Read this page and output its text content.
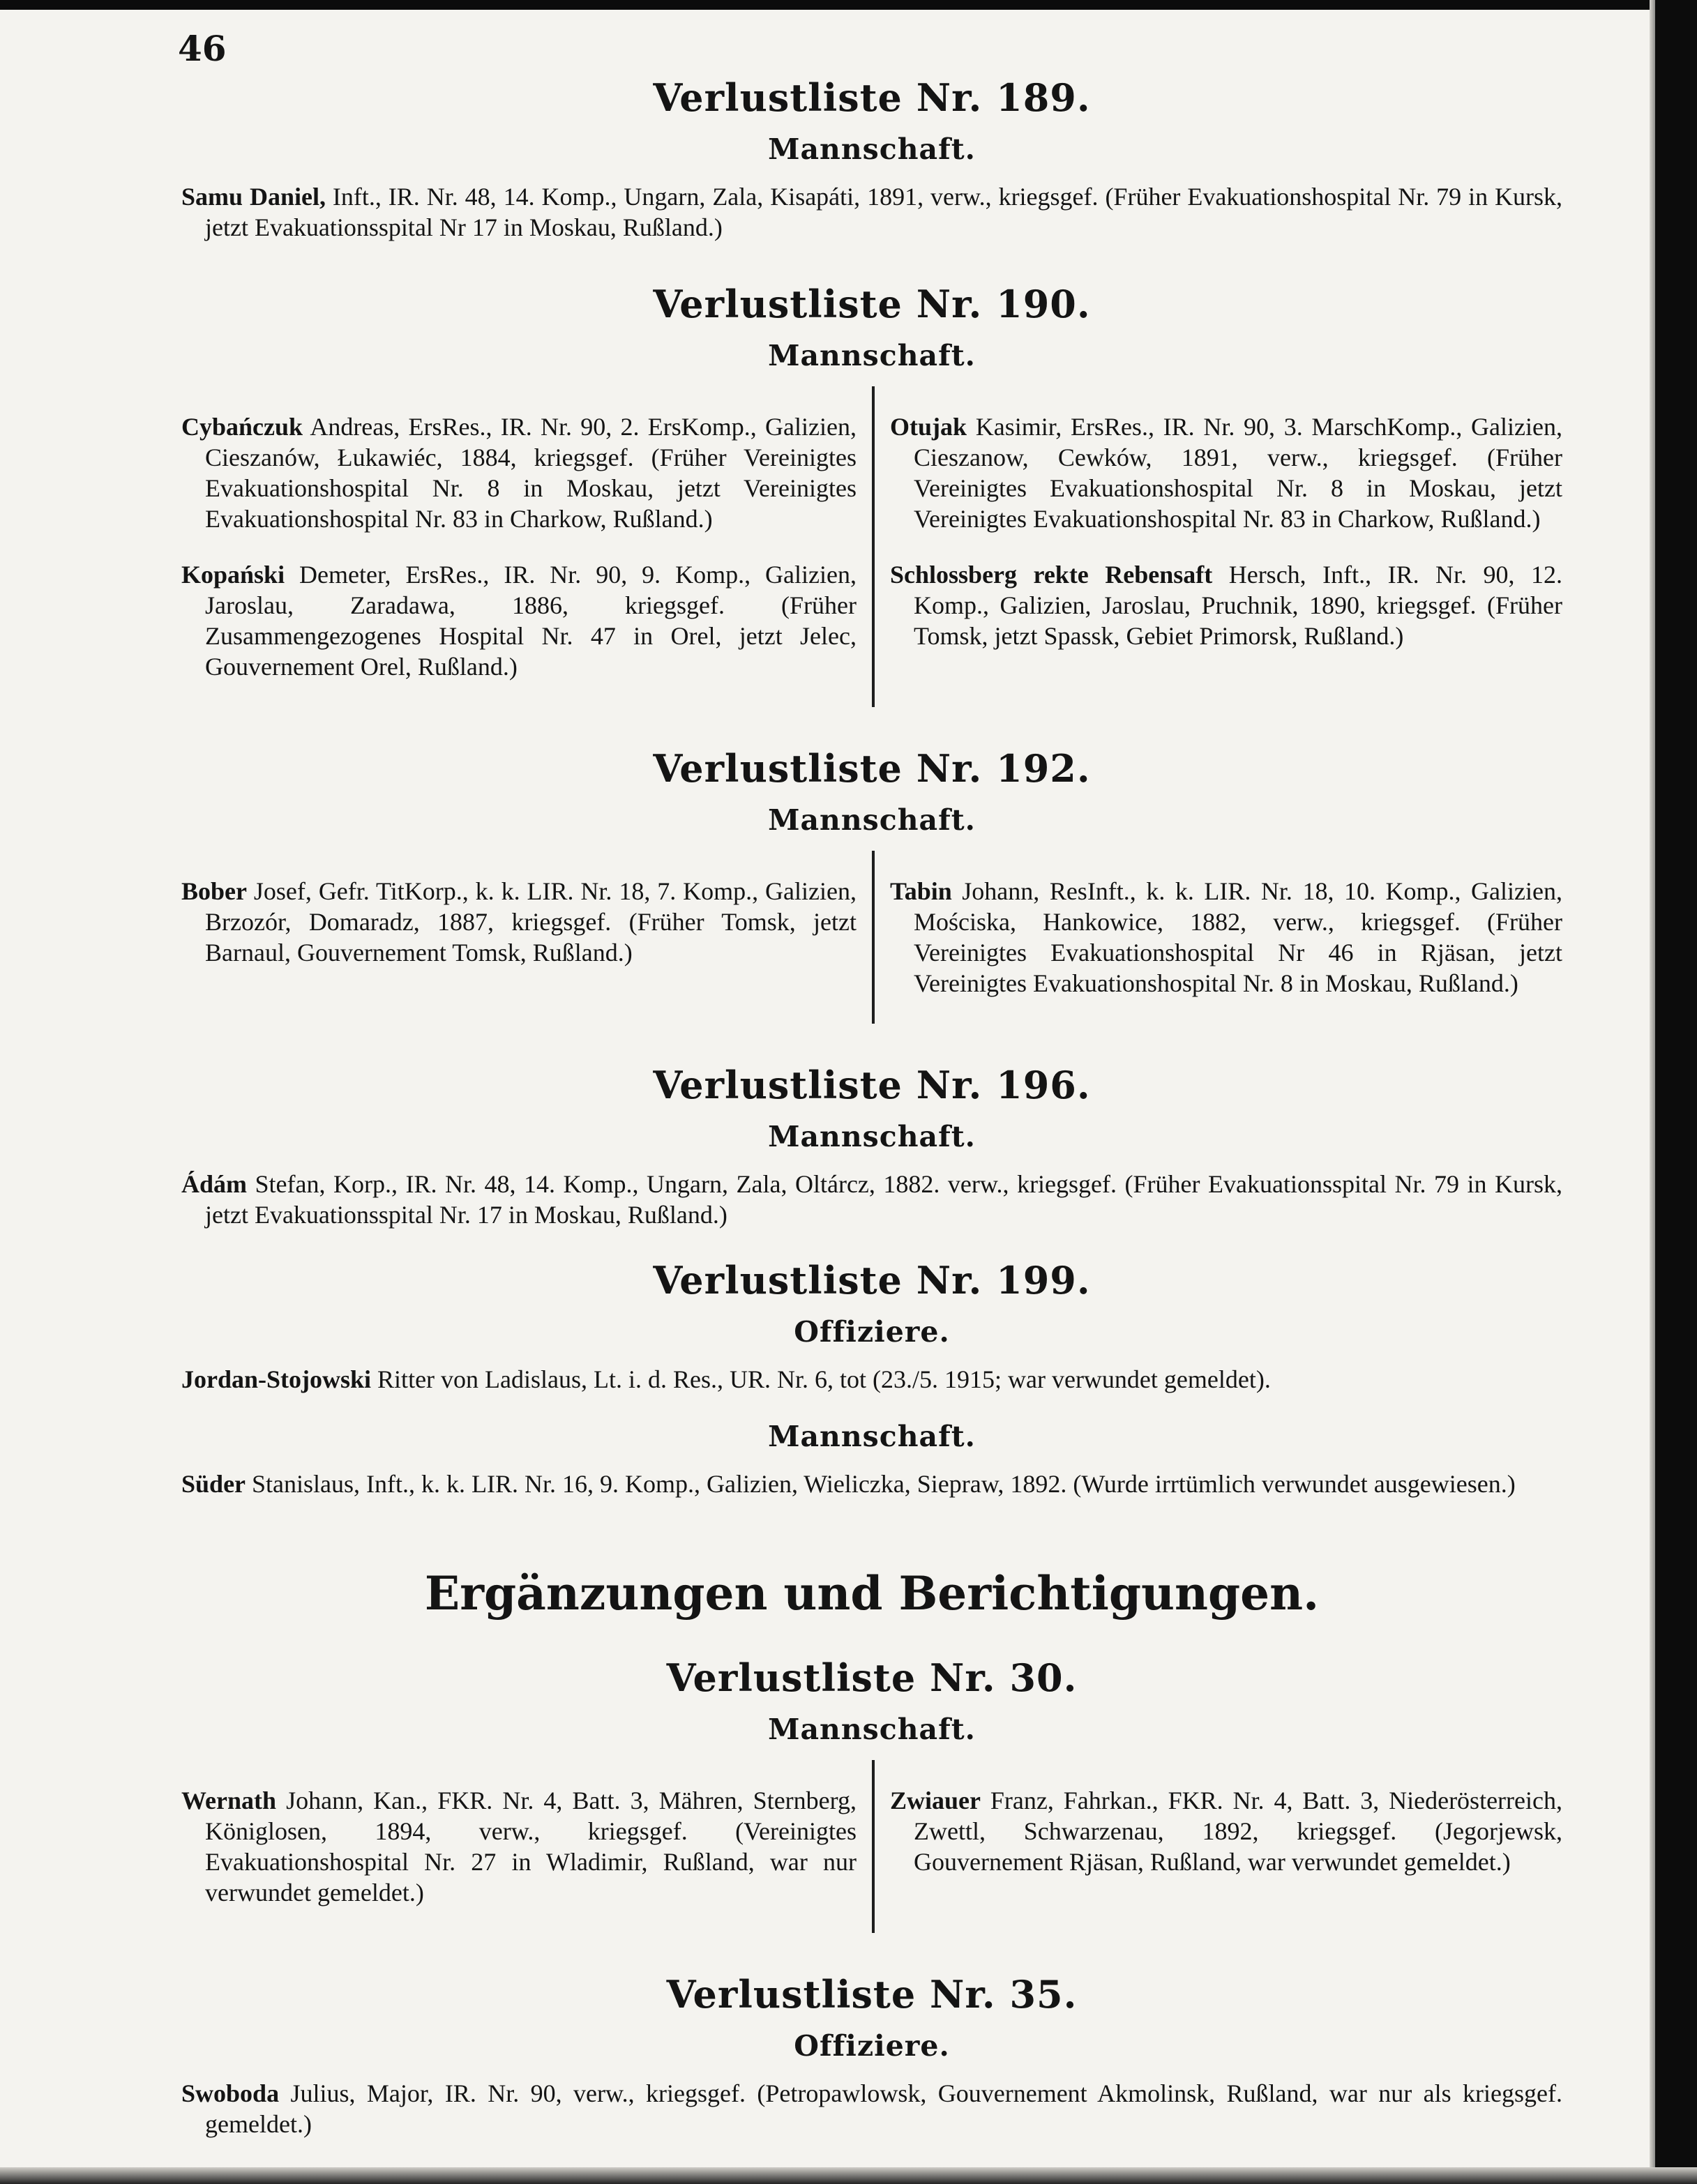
46
Verlustliste Nr. 189.
Mannschaft.

Samu Daniel, Inft., IR. Nr. 48, 14. Komp., Ungarn, Zala, Kisapáti, 1891, verw., kriegsgef. (Früher Evakuationshospital Nr. 79 in Kursk, jetzt Evakuationsspital Nr 17 in Moskau, Rußland.)

Verlustliste Nr. 190.
Mannschaft.

Cybańczuk Andreas, ErsRes., IR. Nr. 90, 2. ErsKomp., Galizien, Cieszanów, Łukawiéc, 1884, kriegsgef. (Früher Vereinigtes Evakuationshospital Nr. 8 in Moskau, jetzt Vereinigtes Evakuationshospital Nr. 83 in Charkow, Rußland.)

Kopański Demeter, ErsRes., IR. Nr. 90, 9. Komp., Galizien, Jaroslau, Zaradawa, 1886, kriegsgef. (Früher Zusammengezogenes Hospital Nr. 47 in Orel, jetzt Jelec, Gouvernement Orel, Rußland.)

Otujak Kasimir, ErsRes., IR. Nr. 90, 3. MarschKomp., Galizien, Cieszanow, Cewków, 1891, verw., kriegsgef. (Früher Vereinigtes Evakuationshospital Nr. 8 in Moskau, jetzt Vereinigtes Evakuationshospital Nr. 83 in Charkow, Rußland.)

Schlossberg rekte Rebensaft Hersch, Inft., IR. Nr. 90, 12. Komp., Galizien, Jaroslau, Pruchnik, 1890, kriegsgef. (Früher Tomsk, jetzt Spassk, Gebiet Primorsk, Rußland.)

Verlustliste Nr. 192.
Mannschaft.

Bober Josef, Gefr. TitKorp., k. k. LIR. Nr. 18, 7. Komp., Galizien, Brzozór, Domaradz, 1887, kriegsgef. (Früher Tomsk, jetzt Barnaul, Gouvernement Tomsk, Rußland.)

Tabin Johann, ResInft., k. k. LIR. Nr. 18, 10. Komp., Galizien, Mościska, Hankowice, 1882, verw., kriegsgef. (Früher Vereinigtes Evakuationshospital Nr 46 in Rjäsan, jetzt Vereinigtes Evakuationshospital Nr. 8 in Moskau, Rußland.)

Verlustliste Nr. 196.
Mannschaft.

Ádám Stefan, Korp., IR. Nr. 48, 14. Komp., Ungarn, Zala, Oltárcz, 1882. verw., kriegsgef. (Früher Evakuationsspital Nr. 79 in Kursk, jetzt Evakuationsspital Nr. 17 in Moskau, Rußland.)

Verlustliste Nr. 199.
Offiziere.

Jordan-Stojowski Ritter von Ladislaus, Lt. i. d. Res., UR. Nr. 6, tot (23./5. 1915; war verwundet gemeldet).

Mannschaft.

Süder Stanislaus, Inft., k. k. LIR. Nr. 16, 9. Komp., Galizien, Wieliczka, Siepraw, 1892. (Wurde irrtümlich verwundet ausgewiesen.)

Ergänzungen und Berichtigungen.
Verlustliste Nr. 30.
Mannschaft.

Wernath Johann, Kan., FKR. Nr. 4, Batt. 3, Mähren, Sternberg, Königlosen, 1894, verw., kriegsgef. (Vereinigtes Evakuationshospital Nr. 27 in Wladimir, Rußland, war nur verwundet gemeldet.)

Zwiauer Franz, Fahrkan., FKR. Nr. 4, Batt. 3, Niederösterreich, Zwettl, Schwarzenau, 1892, kriegsgef. (Jegorjewsk, Gouvernement Rjäsan, Rußland, war verwundet gemeldet.)

Verlustliste Nr. 35.
Offiziere.

Swoboda Julius, Major, IR. Nr. 90, verw., kriegsgef. (Petropawlowsk, Gouvernement Akmolinsk, Rußland, war nur als kriegsgef. gemeldet.)
